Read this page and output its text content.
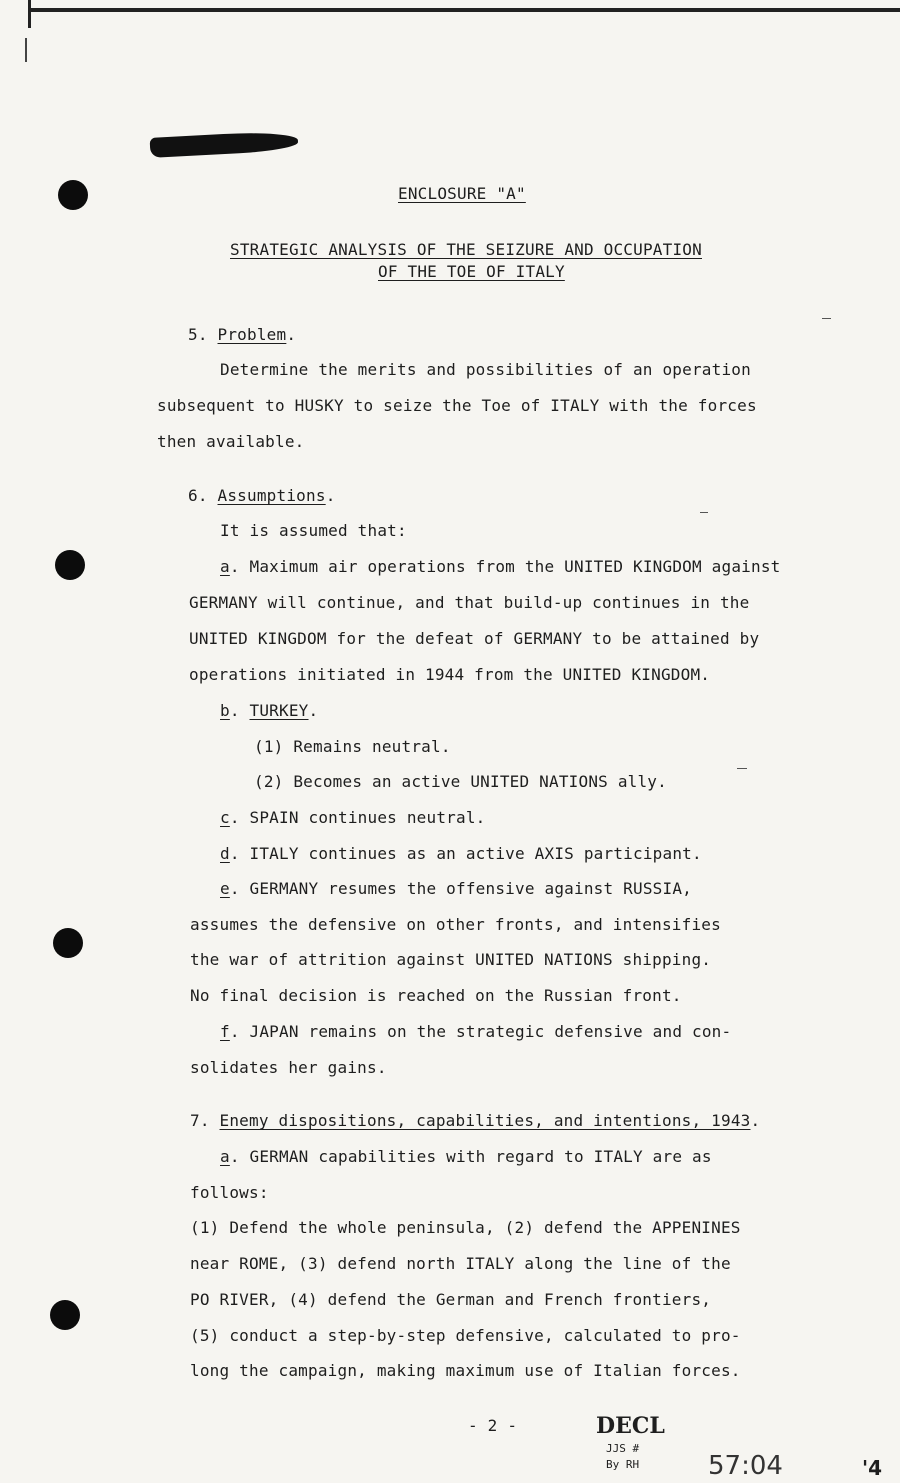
ENCLOSURE "A"
STRATEGIC ANALYSIS OF THE SEIZURE AND OCCUPATION
OF THE TOE OF ITALY
5. Problem.
Determine the merits and possibilities of an operation
subsequent to HUSKY to seize the Toe of ITALY with the forces
then available.
6. Assumptions.
It is assumed that:
a. Maximum air operations from the UNITED KINGDOM against
GERMANY will continue, and that build-up continues in the
UNITED KINGDOM for the defeat of GERMANY to be attained by
operations initiated in 1944 from the UNITED KINGDOM.
b. TURKEY.
(1) Remains neutral.
(2) Becomes an active UNITED NATIONS ally.
c. SPAIN continues neutral.
d. ITALY continues as an active AXIS participant.
e. GERMANY resumes the offensive against RUSSIA,
assumes the defensive on other fronts, and intensifies
the war of attrition against UNITED NATIONS shipping.
No final decision is reached on the Russian front.
f. JAPAN remains on the strategic defensive and con-
solidates her gains.
7. Enemy dispositions, capabilities, and intentions, 1943.
a. GERMAN capabilities with regard to ITALY are as
follows:
(1) Defend the whole peninsula, (2) defend the APPENINES
near ROME, (3) defend north ITALY along the line of the
PO RIVER, (4) defend the German and French frontiers,
(5) conduct a step-by-step defensive, calculated to pro-
long the campaign, making maximum use of Italian forces.
- 2 -	DECL
JJS #
By RH	57:04	'4
